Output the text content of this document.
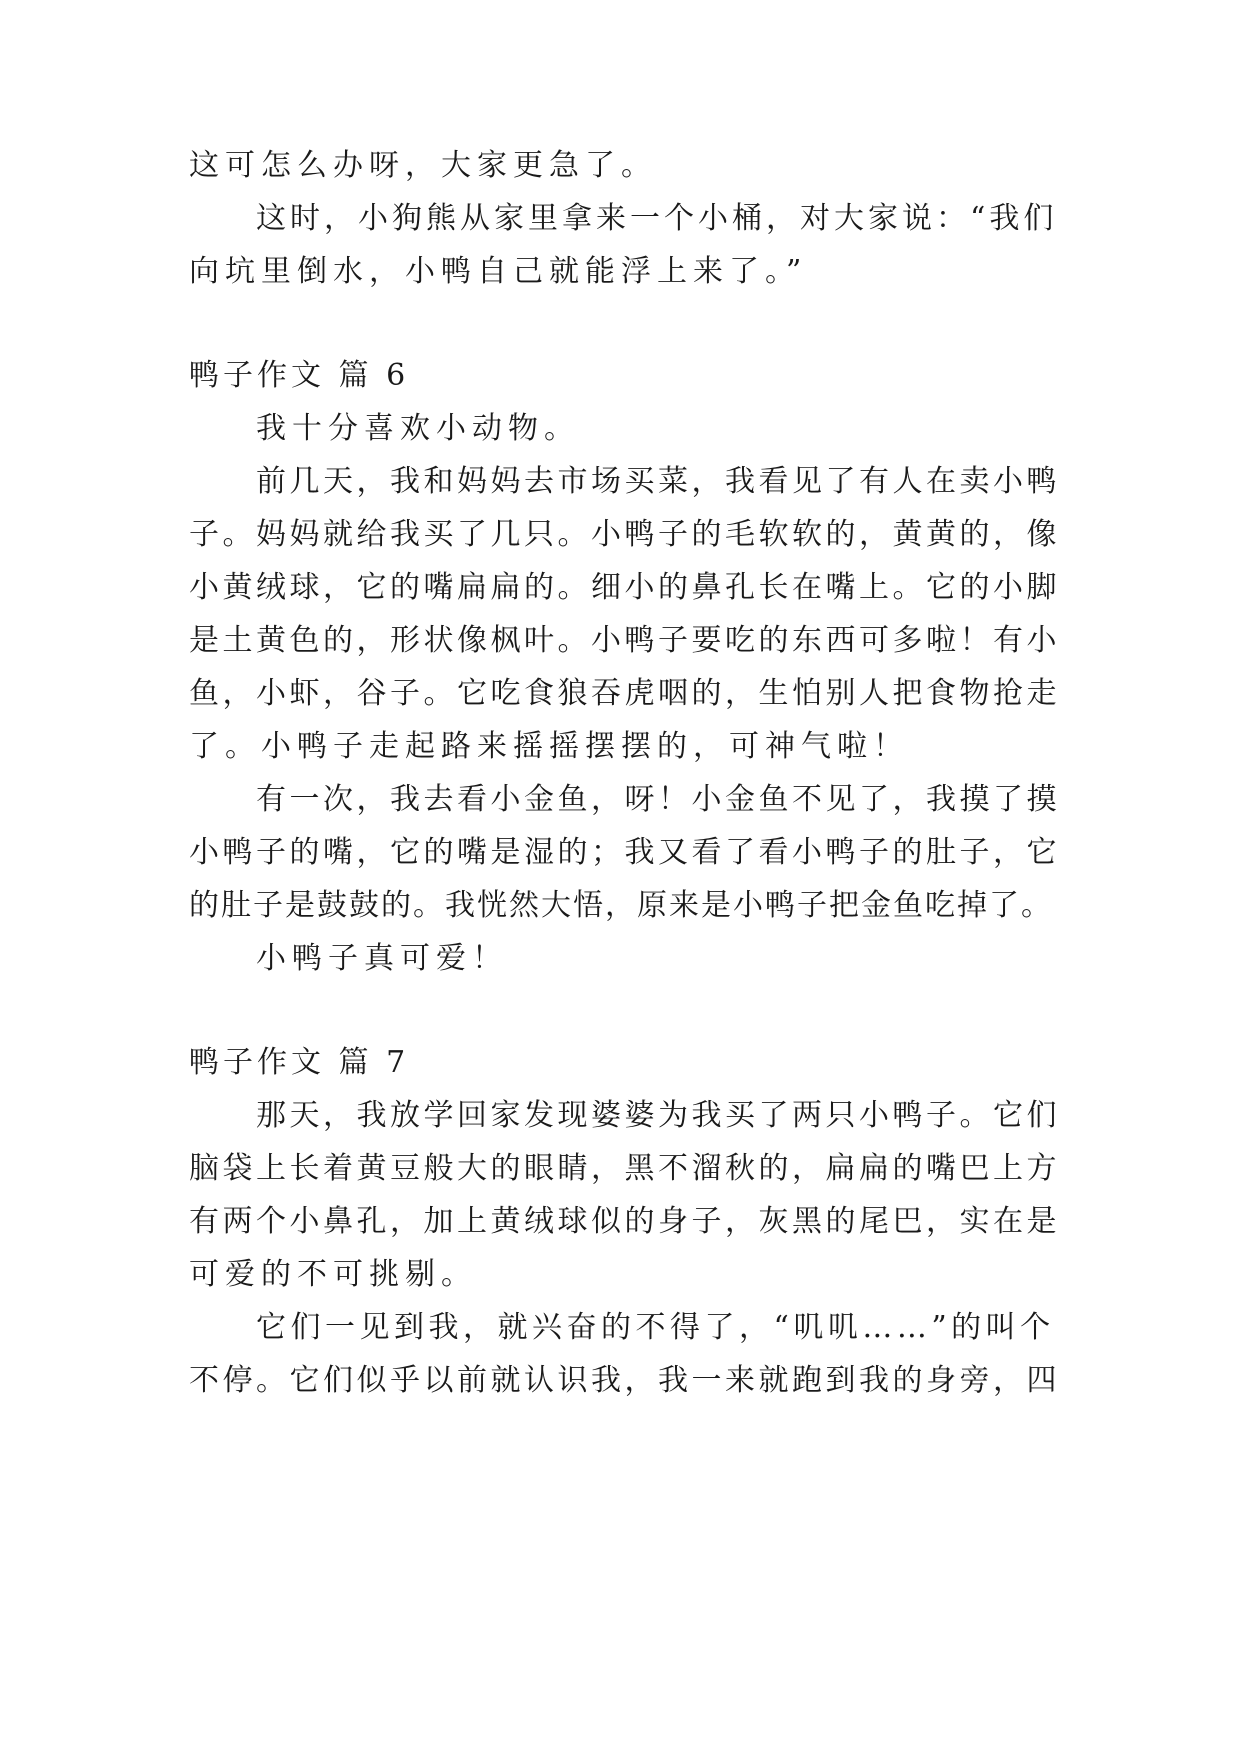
这可怎么办呀，大家更急了。
这时，小狗熊从家里拿来一个小桶，对大家说：“我们
向坑里倒水，小鸭自己就能浮上来了。”
鸭子作文 篇 6
我十分喜欢小动物。
前几天，我和妈妈去市场买菜，我看见了有人在卖小鸭
子。妈妈就给我买了几只。小鸭子的毛软软的，黄黄的，像
小黄绒球，它的嘴扁扁的。细小的鼻孔长在嘴上。它的小脚
是土黄色的，形状像枫叶。小鸭子要吃的东西可多啦！有小
鱼，小虾，谷子。它吃食狼吞虎咽的，生怕别人把食物抢走
了。小鸭子走起路来摇摇摆摆的，可神气啦！
有一次，我去看小金鱼，呀！小金鱼不见了，我摸了摸
小鸭子的嘴，它的嘴是湿的；我又看了看小鸭子的肚子，它
的肚子是鼓鼓的。我恍然大悟，原来是小鸭子把金鱼吃掉了。
小鸭子真可爱！
鸭子作文 篇 7
那天，我放学回家发现婆婆为我买了两只小鸭子。它们
脑袋上长着黄豆般大的眼睛，黑不溜秋的，扁扁的嘴巴上方
有两个小鼻孔，加上黄绒球似的身子，灰黑的尾巴，实在是
可爱的不可挑剔。
它们一见到我，就兴奋的不得了，“叽叽……”的叫个
不停。它们似乎以前就认识我，我一来就跑到我的身旁，四
